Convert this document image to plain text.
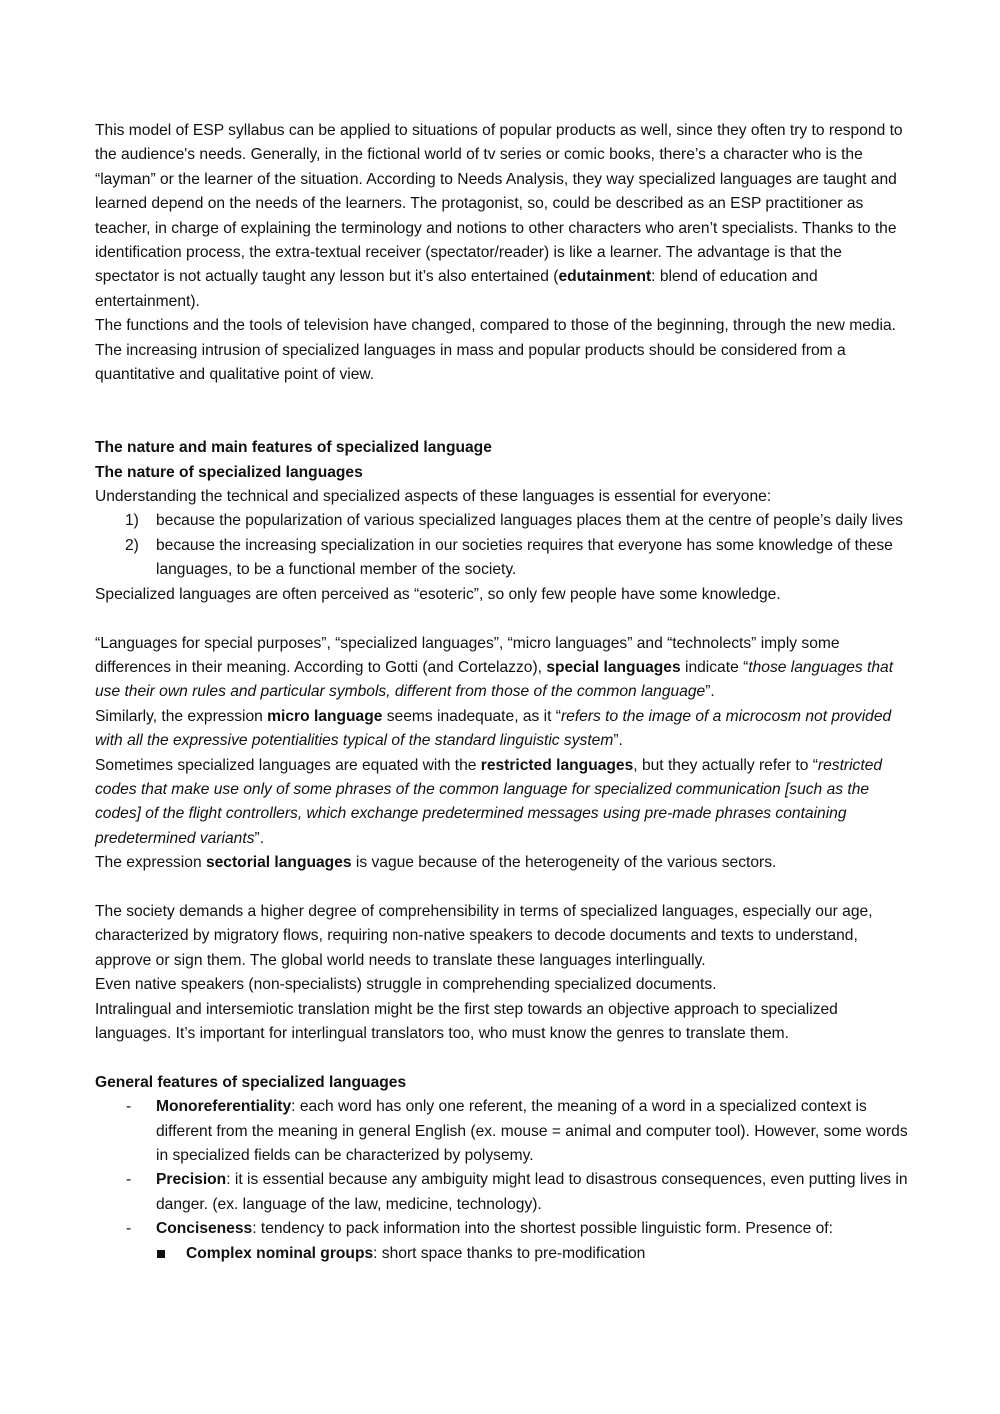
This model of ESP syllabus can be applied to situations of popular products as well, since they often try to respond to the audience's needs. Generally, in the fictional world of tv series or comic books, there’s a character who is the “layman” or the learner of the situation. According to Needs Analysis, they way specialized languages are taught and learned depend on the needs of the learners. The protagonist, so, could be described as an ESP practitioner as teacher, in charge of explaining the terminology and notions to other characters who aren’t specialists. Thanks to the identification process, the extra-textual receiver (spectator/reader) is like a learner. The advantage is that the spectator is not actually taught any lesson but it’s also entertained (edutainment: blend of education and entertainment).

The functions and the tools of television have changed, compared to those of the beginning, through the new media. The increasing intrusion of specialized languages in mass and popular products should be considered from a quantitative and qualitative point of view.

The nature and main features of specialized language

The nature of specialized languages

Understanding the technical and specialized aspects of these languages is essential for everyone:

1) because the popularization of various specialized languages places them at the centre of people’s daily lives
2) because the increasing specialization in our societies requires that everyone has some knowledge of these languages, to be a functional member of the society.

Specialized languages are often perceived as “esoteric”, so only few people have some knowledge.

“Languages for special purposes”, “specialized languages”, “micro languages” and “technolects” imply some differences in their meaning. According to Gotti (and Cortelazzo), special languages indicate “those languages that use their own rules and particular symbols, different from those of the common language”.

Similarly, the expression micro language seems inadequate, as it “refers to the image of a microcosm not provided with all the expressive potentialities typical of the standard linguistic system”.

Sometimes specialized languages are equated with the restricted languages, but they actually refer to “restricted codes that make use only of some phrases of the common language for specialized communication [such as the codes] of the flight controllers, which exchange predetermined messages using pre-made phrases containing predetermined variants”.

The expression sectorial languages is vague because of the heterogeneity of the various sectors.

The society demands a higher degree of comprehensibility in terms of specialized languages, especially our age, characterized by migratory flows, requiring non-native speakers to decode documents and texts to understand, approve or sign them. The global world needs to translate these languages interlingually.

Even native speakers (non-specialists) struggle in comprehending specialized documents.

Intralingual and intersemiotic translation might be the first step towards an objective approach to specialized languages. It’s important for interlingual translators too, who must know the genres to translate them.

General features of specialized languages

- Monoreferentiality: each word has only one referent, the meaning of a word in a specialized context is different from the meaning in general English (ex. mouse = animal and computer tool). However, some words in specialized fields can be characterized by polysemy.
- Precision: it is essential because any ambiguity might lead to disastrous consequences, even putting lives in danger. (ex. language of the law, medicine, technology).
- Conciseness: tendency to pack information into the shortest possible linguistic form. Presence of:
Complex nominal groups: short space thanks to pre-modification
